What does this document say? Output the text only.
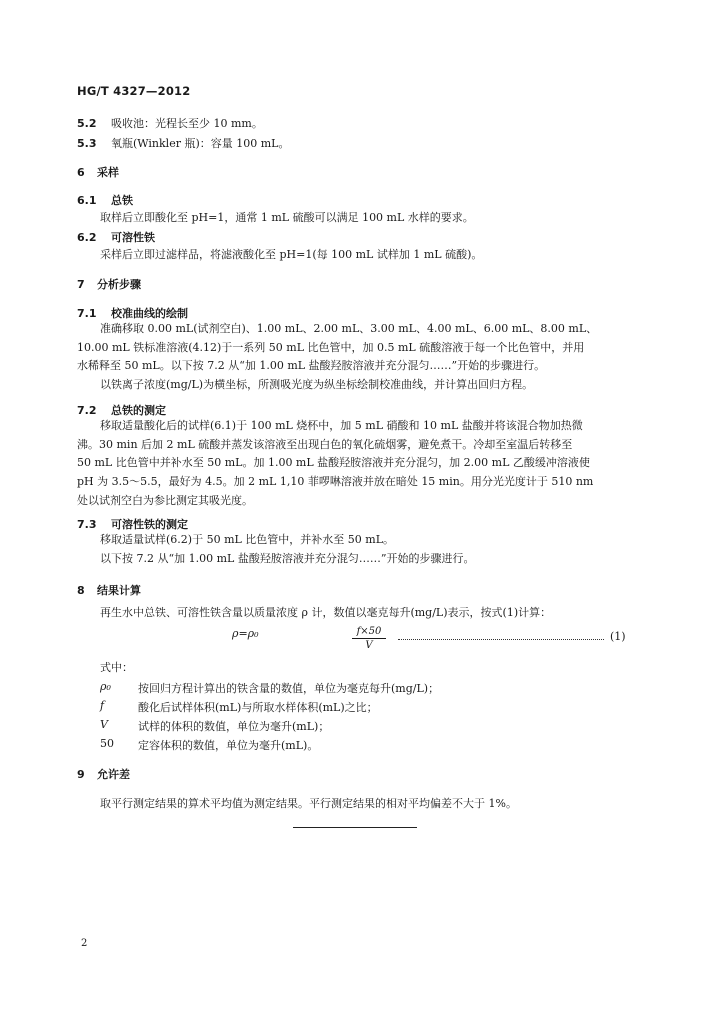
HG/T 4327—2012
5.2 吸收池：光程长至少 10 mm。
5.3 氧瓶(Winkler 瓶)：容量 100 mL。
6 采样
6.1 总铁
取样后立即酸化至 pH=1，通常 1 mL 硫酸可以满足 100 mL 水样的要求。
6.2 可溶性铁
采样后立即过滤样品，将滤液酸化至 pH=1(每 100 mL 试样加 1 mL 硫酸)。
7 分析步骤
7.1 校准曲线的绘制
准确移取 0.00 mL(试剂空白)、1.00 mL、2.00 mL、3.00 mL、4.00 mL、6.00 mL、8.00 mL、
10.00 mL 铁标准溶液(4.12)于一系列 50 mL 比色管中，加 0.5 mL 硫酸溶液于每一个比色管中，并用
水稀释至 50 mL。以下按 7.2 从“加 1.00 mL 盐酸羟胺溶液并充分混匀……”开始的步骤进行。
以铁离子浓度(mg/L)为横坐标，所测吸光度为纵坐标绘制校准曲线，并计算出回归方程。
7.2 总铁的测定
移取适量酸化后的试样(6.1)于 100 mL 烧杯中，加 5 mL 硝酸和 10 mL 盐酸并将该混合物加热微
沸。30 min 后加 2 mL 硫酸并蒸发该溶液至出现白色的氧化硫烟雾，避免煮干。冷却至室温后转移至
50 mL 比色管中并补水至 50 mL。加 1.00 mL 盐酸羟胺溶液并充分混匀，加 2.00 mL 乙酸缓冲溶液使
pH 为 3.5～5.5，最好为 4.5。加 2 mL 1,10 菲啰啉溶液并放在暗处 15 min。用分光光度计于 510 nm
处以试剂空白为参比测定其吸光度。
7.3 可溶性铁的测定
移取适量试样(6.2)于 50 mL 比色管中，并补水至 50 mL。
以下按 7.2 从“加 1.00 mL 盐酸羟胺溶液并充分混匀……”开始的步骤进行。
8 结果计算
再生水中总铁、可溶性铁含量以质量浓度 ρ 计，数值以毫克每升(mg/L)表示，按式(1)计算：
ρ=ρ₀	$\frac{f\times 50}{V}$	(1)
式中：
ρ₀ 按回归方程计算出的铁含量的数值，单位为毫克每升(mg/L)；
f	酸化后试样体积(mL)与所取水样体积(mL)之比；
V	试样的体积的数值，单位为毫升(mL)；
50 定容体积的数值，单位为毫升(mL)。
9 允许差
取平行测定结果的算术平均值为测定结果。平行测定结果的相对平均偏差不大于 1%。
2
